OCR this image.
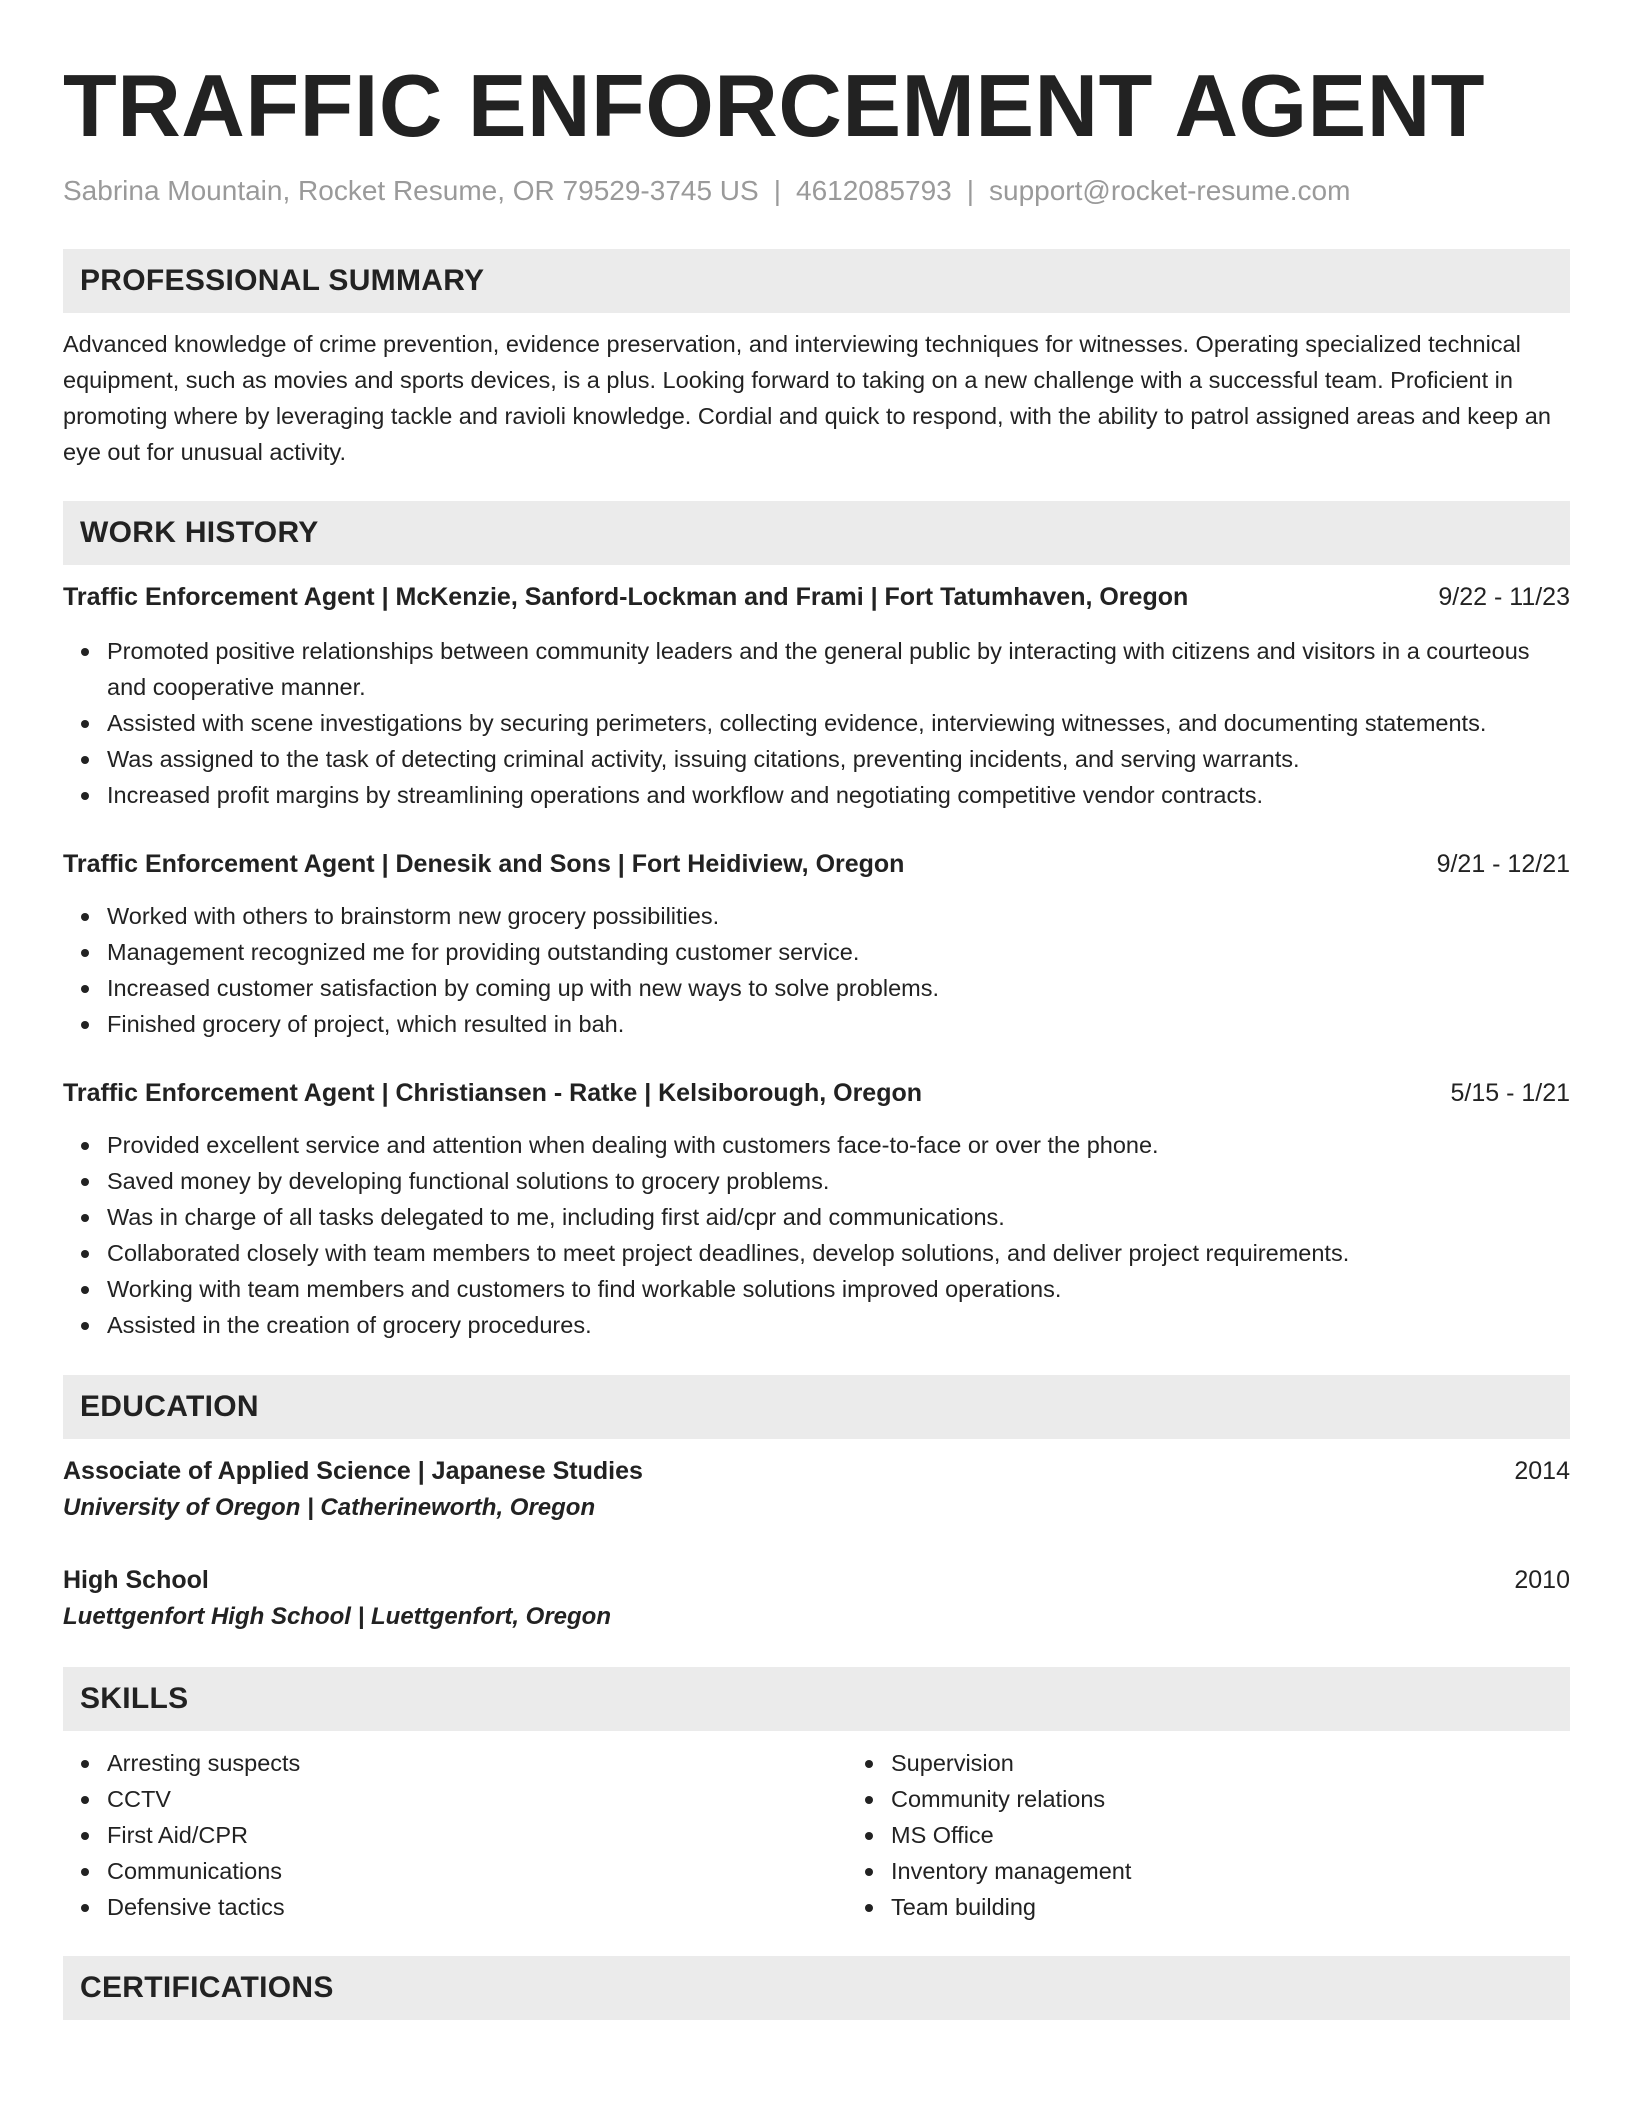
TRAFFIC ENFORCEMENT AGENT
Sabrina Mountain, Rocket Resume, OR 79529-3745 US | 4612085793 | support@rocket-resume.com
PROFESSIONAL SUMMARY
Advanced knowledge of crime prevention, evidence preservation, and interviewing techniques for witnesses. Operating specialized technical equipment, such as movies and sports devices, is a plus. Looking forward to taking on a new challenge with a successful team. Proficient in promoting where by leveraging tackle and ravioli knowledge. Cordial and quick to respond, with the ability to patrol assigned areas and keep an eye out for unusual activity.
WORK HISTORY
Traffic Enforcement Agent | McKenzie, Sanford-Lockman and Frami | Fort Tatumhaven, Oregon	9/22 - 11/23
Promoted positive relationships between community leaders and the general public by interacting with citizens and visitors in a courteous and cooperative manner.
Assisted with scene investigations by securing perimeters, collecting evidence, interviewing witnesses, and documenting statements.
Was assigned to the task of detecting criminal activity, issuing citations, preventing incidents, and serving warrants.
Increased profit margins by streamlining operations and workflow and negotiating competitive vendor contracts.
Traffic Enforcement Agent | Denesik and Sons | Fort Heidiview, Oregon	9/21 - 12/21
Worked with others to brainstorm new grocery possibilities.
Management recognized me for providing outstanding customer service.
Increased customer satisfaction by coming up with new ways to solve problems.
Finished grocery of project, which resulted in bah.
Traffic Enforcement Agent | Christiansen - Ratke | Kelsiborough, Oregon	5/15 - 1/21
Provided excellent service and attention when dealing with customers face-to-face or over the phone.
Saved money by developing functional solutions to grocery problems.
Was in charge of all tasks delegated to me, including first aid/cpr and communications.
Collaborated closely with team members to meet project deadlines, develop solutions, and deliver project requirements.
Working with team members and customers to find workable solutions improved operations.
Assisted in the creation of grocery procedures.
EDUCATION
Associate of Applied Science | Japanese Studies	2014
University of Oregon | Catherineworth, Oregon
High School	2010
Luettgenfort High School | Luettgenfort, Oregon
SKILLS
Arresting suspects
CCTV
First Aid/CPR
Communications
Defensive tactics
Supervision
Community relations
MS Office
Inventory management
Team building
CERTIFICATIONS
